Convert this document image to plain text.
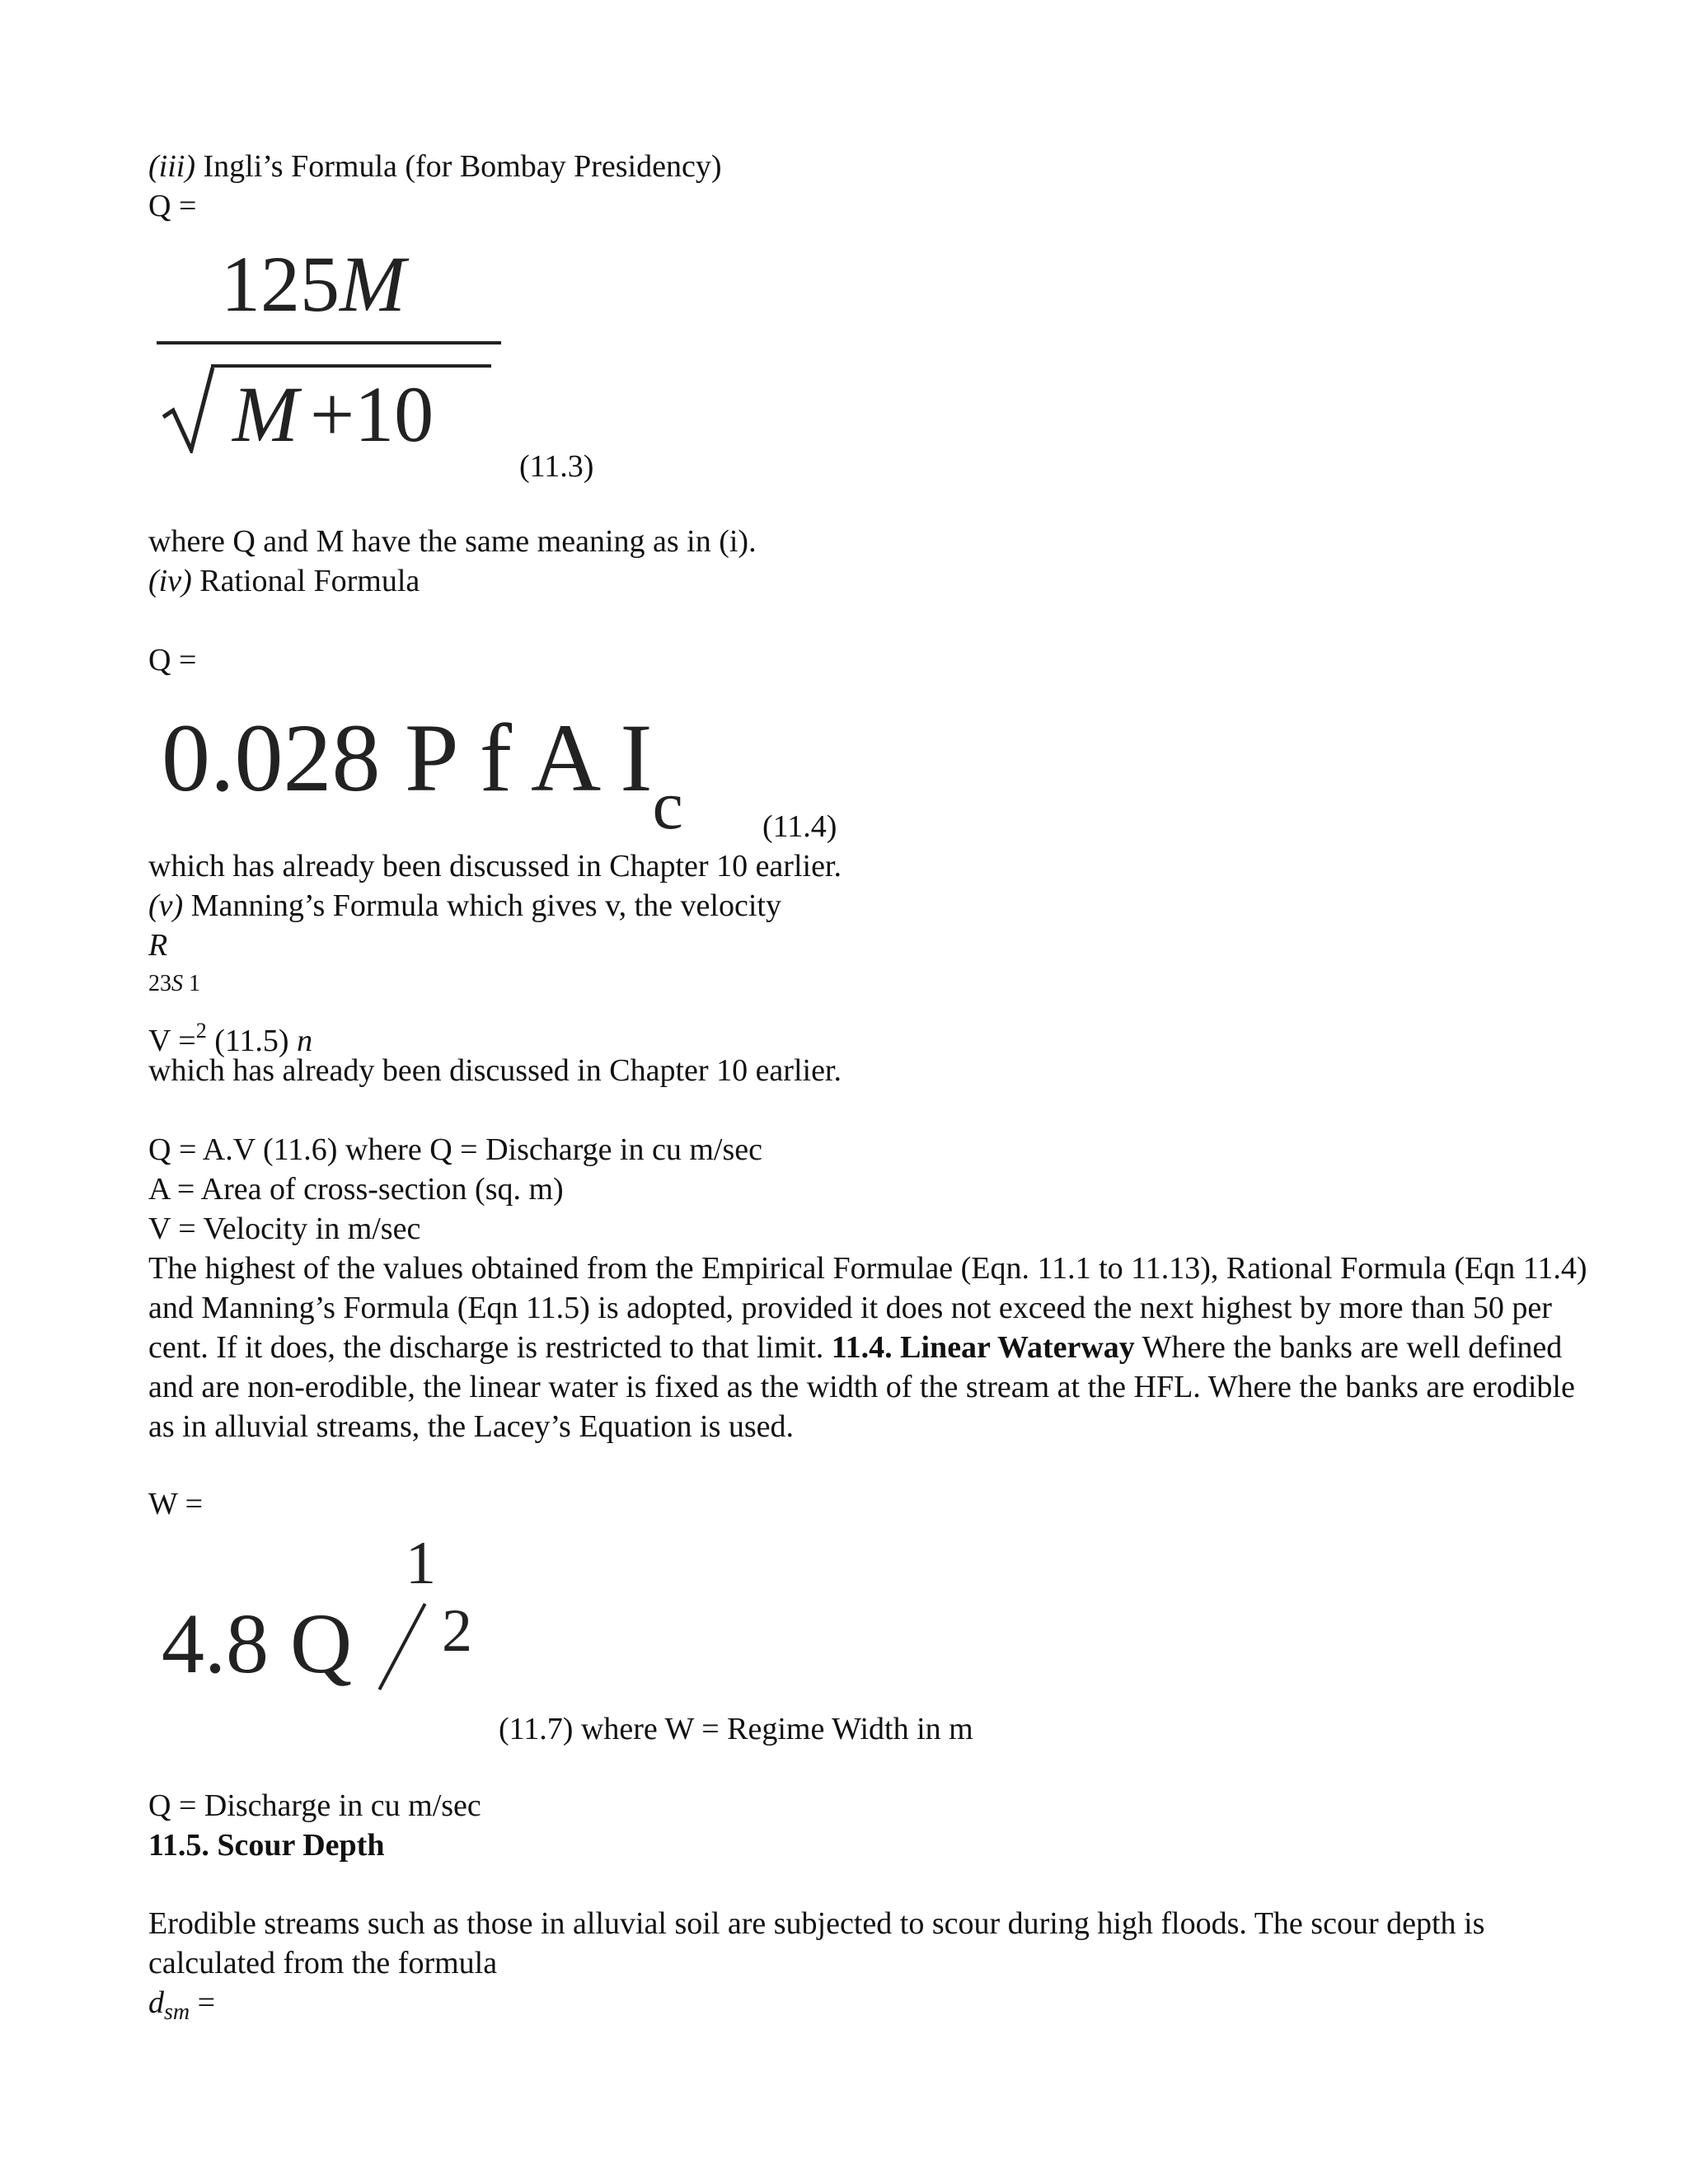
(iii) Ingli’s Formula (for Bombay Presidency)
Q =
125M
M +10
(11.3)
where Q and M have the same meaning as in (i).
(iv) Rational Formula
Q =
0.028 P f A $I_c$	(11.4)
which has already been discussed in Chapter 10 earlier.
(v) Manning’s Formula which gives v, the velocity
R
23S 1
V =$^2$ (11.5) n
which has already been discussed in Chapter 10 earlier.
Q = A.V (11.6) where Q = Discharge in cu m/sec
A = Area of cross-section (sq. m)
V = Velocity in m/sec
The highest of the values obtained from the Empirical Formulae (Eqn. 11.1 to 11.13), Rational Formula (Eqn 11.4) and Manning’s Formula (Eqn 11.5) is adopted, provided it does not exceed the next highest by more than 50 per cent. If it does, the discharge is restricted to that limit. 11.4. Linear Waterway Where the banks are well defined and are non-erodible, the linear water is fixed as the width of the stream at the HFL. Where the banks are erodible as in alluvial streams, the Lacey’s Equation is used.
W =
4.8 Q
1
2
(11.7) where W = Regime Width in m
Q = Discharge in cu m/sec
11.5. Scour Depth
Erodible streams such as those in alluvial soil are subjected to scour during high floods. The scour depth is calculated from the formula
$d_{sm}$ =
